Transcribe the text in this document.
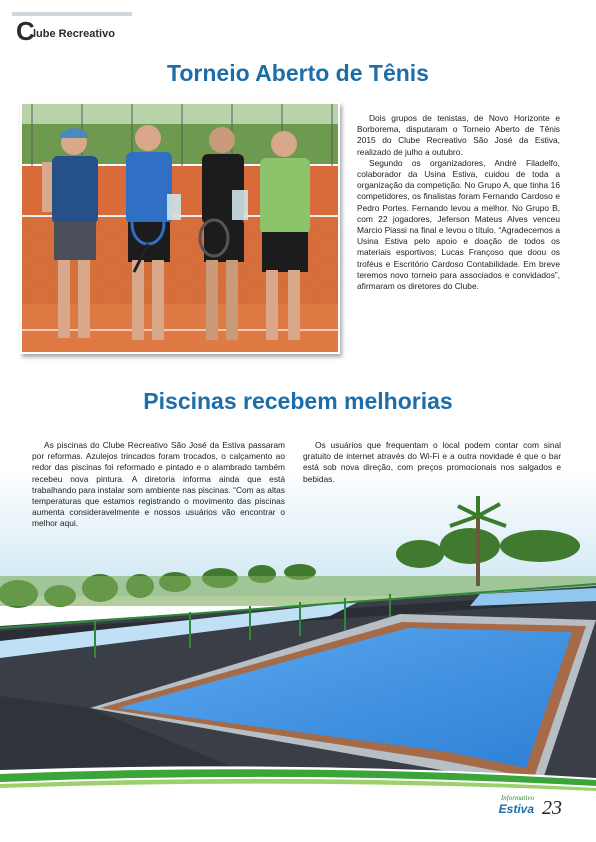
C
lube Recreativo
Torneio Aberto de Tênis

Dois grupos de tenistas, de Novo Horizonte e Borborema, disputaram o Torneio Aberto de Tênis 2015 do Clube Recreativo São José da Estiva, realizado de julho a outubro.

Segundo os organizadores, André Filadelfo, colaborador da Usina Estiva, cuidou de toda a organização da competição. No Grupo A, que tinha 16 competidores, os finalistas foram Fernando Cardoso e Pedro Portes. Fernando levou a melhor. No Grupo B, com 22 jogadores, Jeferson Mateus Alves venceu Marcio Piassi na final e levou o título. “Agradecemos a Usina Estiva pelo apoio e doação de todos os materiais esportivos; Lucas Françoso que doou os troféus e Escritório Cardoso Contabilidade. Em breve teremos novo torneio para associados e convidados”, afirmaram os diretores do Clube.

Piscinas recebem melhorias

As piscinas do Clube Recreativo São José da Estiva passaram por reformas. Azulejos trincados foram trocados, o calçamento ao redor das piscinas foi reformado e pintado e o alambrado também recebeu nova pintura. A diretoria informa ainda que está trabalhando para instalar som ambiente nas piscinas. “Com as altas temperaturas que estamos registrando o movimento das piscinas aumenta consideravelmente e nossos usuários vão encontrar o melhor aqui.

Os usuários que frequentam o local podem contar com sinal gratuito de internet através do Wi-Fi e a outra novidade é que o bar está sob nova direção, com preços promocionais nos salgados e bebidas.

Informativo
Estiva 23
